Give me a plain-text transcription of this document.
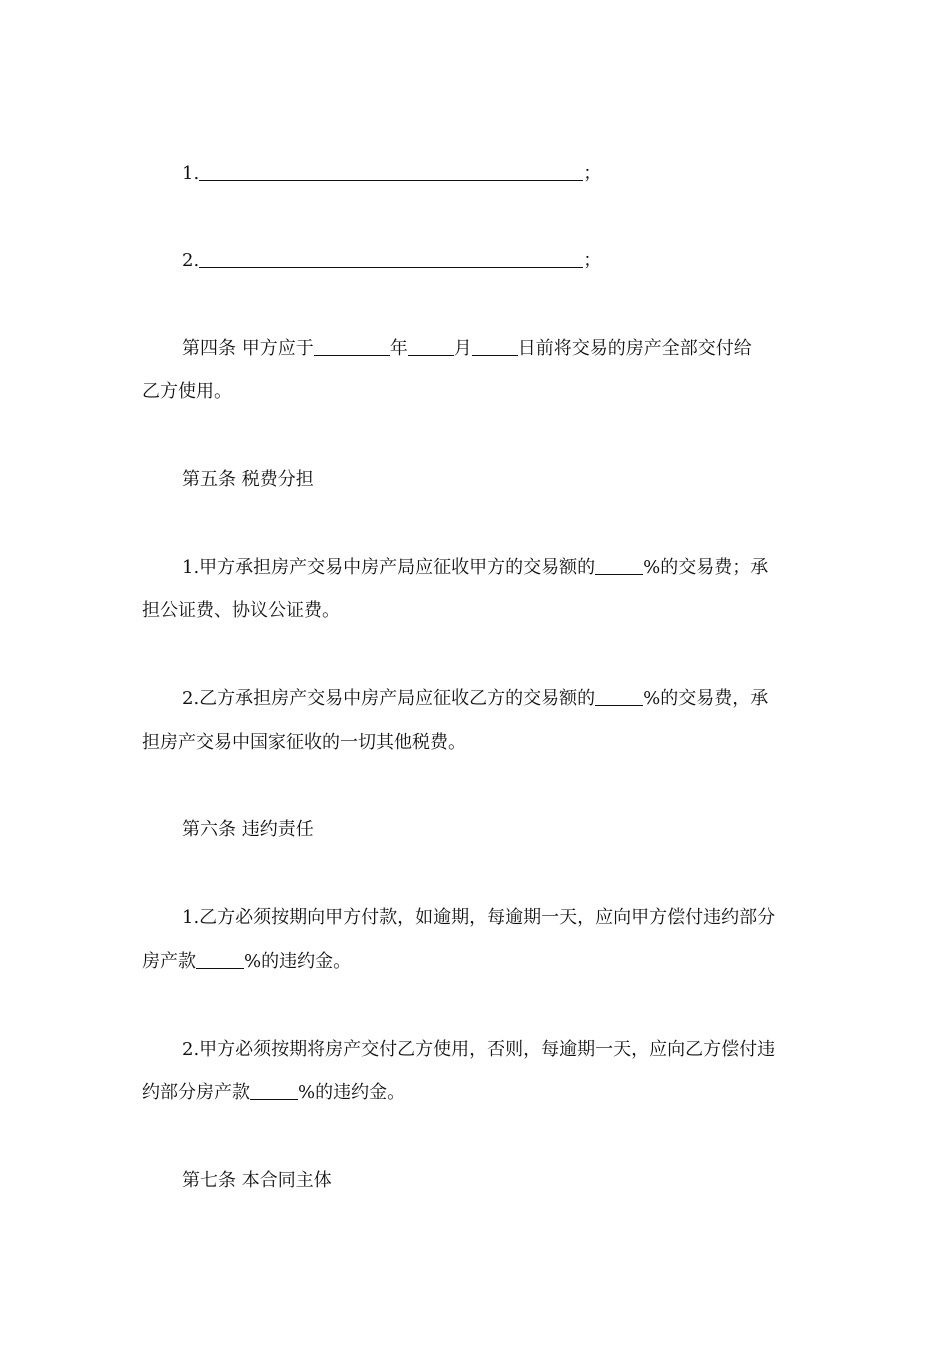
1.	；
2.	；
第四条 甲方应于	年	月	日前将交易的房产全部交付给
乙方使用。
第五条 税费分担
1.甲方承担房产交易中房产局应征收甲方的交易额的	%的交易费；承
担公证费、协议公证费。
2.乙方承担房产交易中房产局应征收乙方的交易额的	%的交易费，承
担房产交易中国家征收的一切其他税费。
第六条 违约责任
1.乙方必须按期向甲方付款，如逾期，每逾期一天，应向甲方偿付违约部分
房产款	%的违约金。
2.甲方必须按期将房产交付乙方使用，否则，每逾期一天，应向乙方偿付违
约部分房产款	%的违约金。
第七条 本合同主体
